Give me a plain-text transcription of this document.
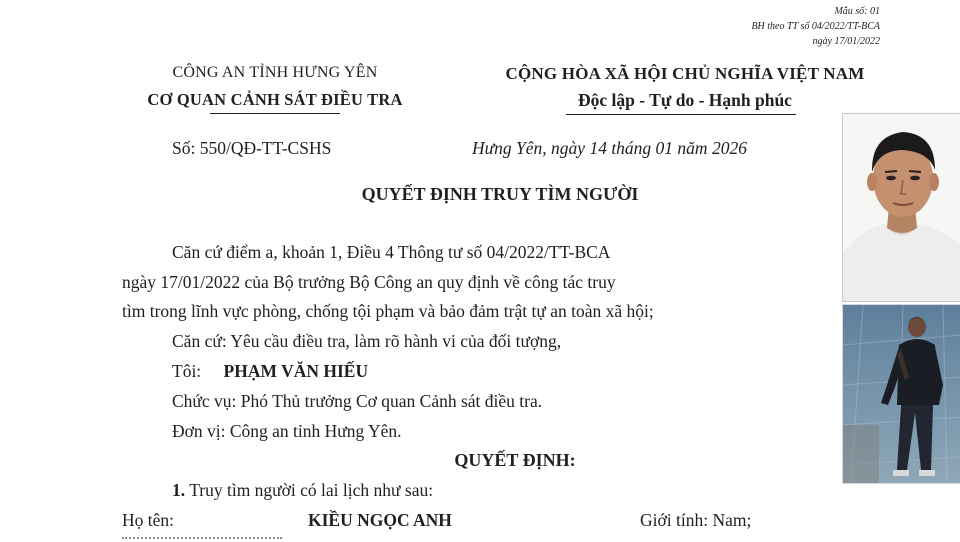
Mẫu số: 01
BH theo TT số 04/2022/TT-BCA
ngày 17/01/2022
CÔNG AN TỈNH HƯNG YÊN
CƠ QUAN CẢNH SÁT ĐIỀU TRA
CỘNG HÒA XÃ HỘI CHỦ NGHĨA VIỆT NAM
Độc lập - Tự do - Hạnh phúc
Số: 550/QĐ-TT-CSHS	Hưng Yên, ngày 14 tháng 01 năm 2026
QUYẾT ĐỊNH TRUY TÌM NGƯỜI
Căn cứ điểm a, khoản 1, Điều 4 Thông tư số 04/2022/TT-BCA
ngày 17/01/2022 của Bộ trưởng Bộ Công an quy định về công tác truy
tìm trong lĩnh vực phòng, chống tội phạm và bảo đảm trật tự an toàn xã hội;
Căn cứ: Yêu cầu điều tra, làm rõ hành vi của đối tượng,
Tôi: PHẠM VĂN HIẾU
Chức vụ: Phó Thủ trưởng Cơ quan Cảnh sát điều tra.
Đơn vị: Công an tỉnh Hưng Yên.
QUYẾT ĐỊNH:
1. Truy tìm người có lai lịch như sau:
Họ tên:	KIỀU NGỌC ANH	Giới tính: Nam;
